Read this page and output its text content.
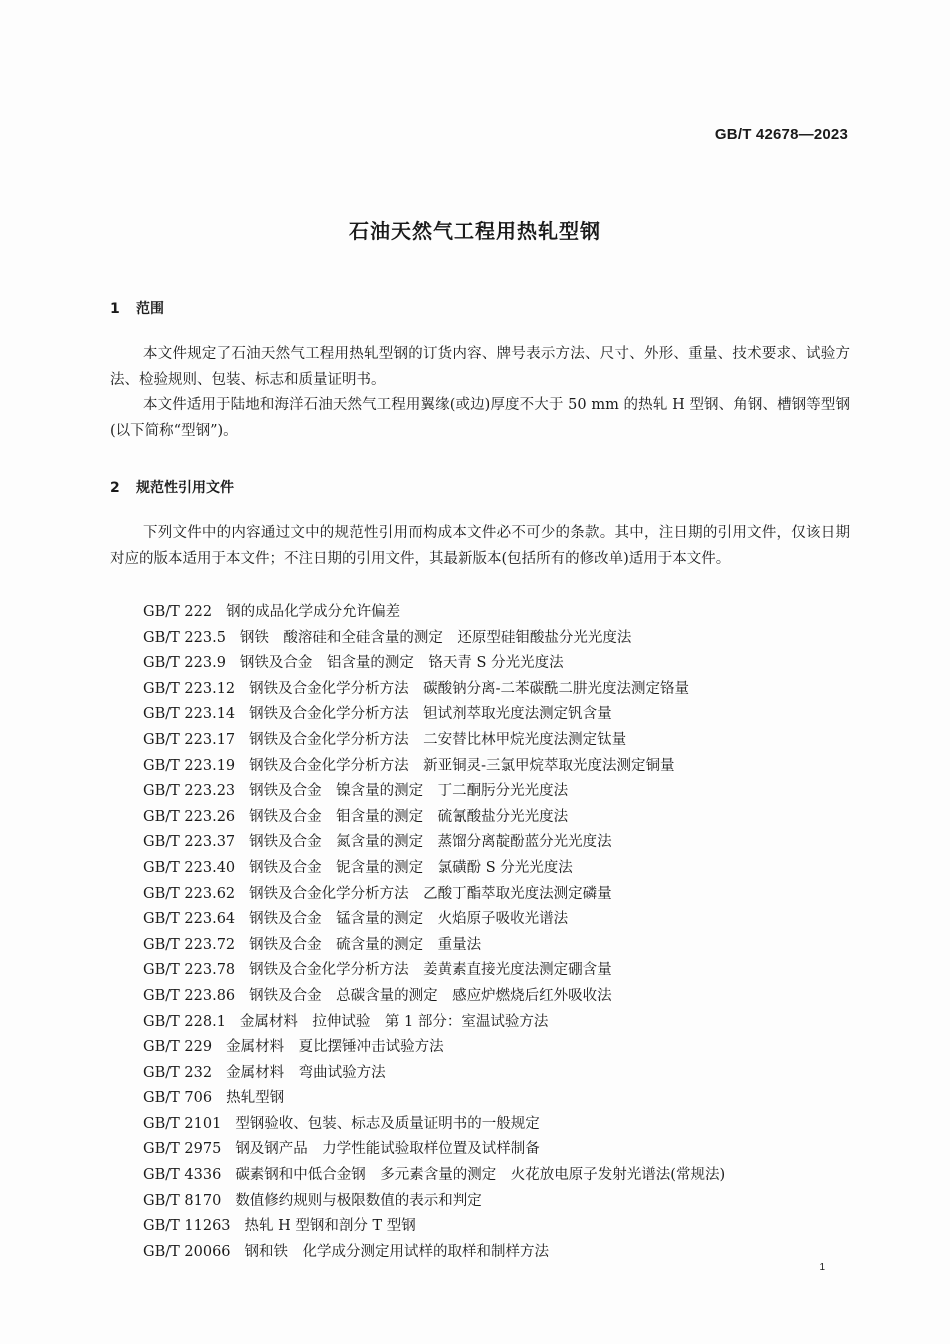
GB/T 42678—2023
石油天然气工程用热轧型钢
1 范围

本文件规定了石油天然气工程用热轧型钢的订货内容、牌号表示方法、尺寸、外形、重量、技术要求、试验方法、检验规则、包装、标志和质量证明书。

本文件适用于陆地和海洋石油天然气工程用翼缘(或边)厚度不大于 50 mm 的热轧 H 型钢、角钢、槽钢等型钢(以下简称“型钢”)。

2 规范性引用文件

下列文件中的内容通过文中的规范性引用而构成本文件必不可少的条款。其中，注日期的引用文件，仅该日期对应的版本适用于本文件；不注日期的引用文件，其最新版本(包括所有的修改单)适用于本文件。

GB/T 222 钢的成品化学成分允许偏差
GB/T 223.5 钢铁　酸溶硅和全硅含量的测定　还原型硅钼酸盐分光光度法
GB/T 223.9 钢铁及合金　铝含量的测定　铬天青 S 分光光度法
GB/T 223.12 钢铁及合金化学分析方法　碳酸钠分离-二苯碳酰二肼光度法测定铬量
GB/T 223.14 钢铁及合金化学分析方法　钽试剂萃取光度法测定钒含量
GB/T 223.17 钢铁及合金化学分析方法　二安替比林甲烷光度法测定钛量
GB/T 223.19 钢铁及合金化学分析方法　新亚铜灵-三氯甲烷萃取光度法测定铜量
GB/T 223.23 钢铁及合金　镍含量的测定　丁二酮肟分光光度法
GB/T 223.26 钢铁及合金　钼含量的测定　硫氰酸盐分光光度法
GB/T 223.37 钢铁及合金　氮含量的测定　蒸馏分离靛酚蓝分光光度法
GB/T 223.40 钢铁及合金　铌含量的测定　氯磺酚 S 分光光度法
GB/T 223.62 钢铁及合金化学分析方法　乙酸丁酯萃取光度法测定磷量
GB/T 223.64 钢铁及合金　锰含量的测定　火焰原子吸收光谱法
GB/T 223.72 钢铁及合金　硫含量的测定　重量法
GB/T 223.78 钢铁及合金化学分析方法　姜黄素直接光度法测定硼含量
GB/T 223.86 钢铁及合金　总碳含量的测定　感应炉燃烧后红外吸收法
GB/T 228.1 金属材料　拉伸试验　第 1 部分：室温试验方法
GB/T 229 金属材料　夏比摆锤冲击试验方法
GB/T 232 金属材料　弯曲试验方法
GB/T 706 热轧型钢
GB/T 2101 型钢验收、包装、标志及质量证明书的一般规定
GB/T 2975 钢及钢产品　力学性能试验取样位置及试样制备
GB/T 4336 碳素钢和中低合金钢　多元素含量的测定　火花放电原子发射光谱法(常规法)
GB/T 8170 数值修约规则与极限数值的表示和判定
GB/T 11263 热轧 H 型钢和剖分 T 型钢
GB/T 20066 钢和铁　化学成分测定用试样的取样和制样方法
1
